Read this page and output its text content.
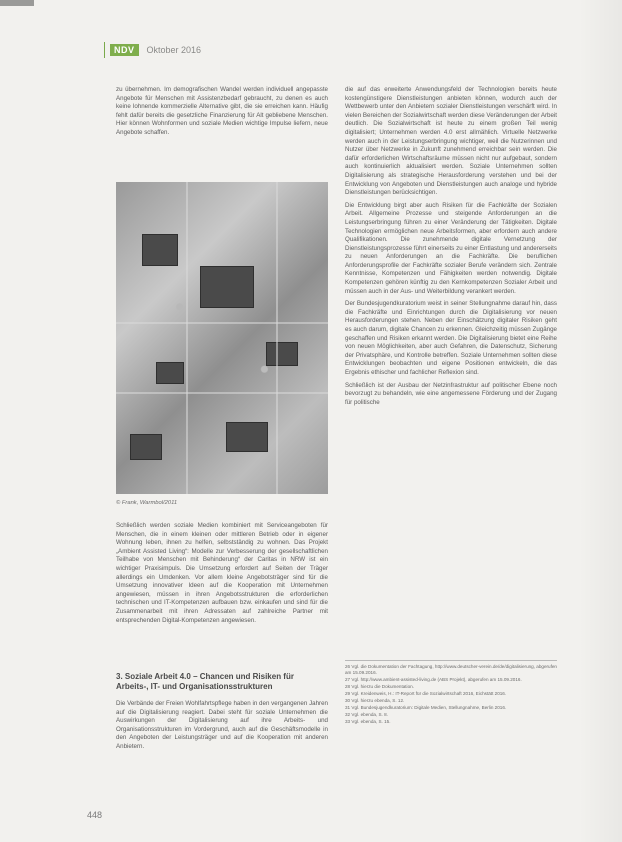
NDV	Oktober 2016

zu übernehmen. Im demografischen Wandel werden individuell angepasste Angebote für Menschen mit Assistenzbedarf gebraucht, zu denen es auch keine lohnende kommerzielle Alternative gibt, die sie erreichen kann. Häufig fehlt dafür bereits die gesetzliche Finanzierung für Alt gebliebene Menschen. Hier können Wohnformen und soziale Medien wichtige Impulse liefern, neue Angebote schaffen.

© Frank, Warmbol/2011

Schließlich werden soziale Medien kombiniert mit Serviceangeboten für Menschen, die in einem kleinen oder mittleren Betrieb oder in eigener Wohnung leben, ihnen zu helfen, selbstständig zu wohnen. Das Projekt „Ambient Assisted Living“: Modelle zur Verbesserung der gesellschaftlichen Teilhabe von Menschen mit Behinderung“ der Caritas in NRW ist ein wichtiger Praxisimpuls. Die Umsetzung erfordert auf Seiten der Träger allerdings ein Umdenken. Vor allem kleine Angebotsträger sind für die Umsetzung innovativer Ideen auf die Kooperation mit Unternehmen angewiesen, müssen in ihren Angebotsstrukturen die erforderlichen technischen und IT-Kompetenzen aufbauen bzw. einkaufen und sind für die Zusammenarbeit mit ihren Adressaten auf zahlreiche Partner mit entsprechenden Digital-Kompetenzen angewiesen.

3. Soziale Arbeit 4.0 – Chancen und Risiken für Arbeits-, IT- und Organisationsstrukturen

Die Verbände der Freien Wohlfahrtspflege haben in den vergangenen Jahren auf die Digitalisierung reagiert. Dabei steht für soziale Unternehmen die Auswirkungen der Digitalisierung auf ihre Arbeits- und Organisationsstrukturen im Vordergrund, auch auf die Geschäftsmodelle in den Angeboten der Leistungsträger und auf die Kooperation mit anderen Anbietern.

die auf das erweiterte Anwendungsfeld der Technologien bereits heute kostengünstigere Dienstleistungen anbieten können, wodurch auch der Wettbewerb unter den Anbietern sozialer Dienstleistungen verschärft wird. In vielen Bereichen der Sozialwirtschaft werden diese Veränderungen der Arbeit deutlich. Die Sozialwirtschaft ist heute zu einem großen Teil wenig digitalisiert; Unternehmen werden 4.0 erst allmählich. Virtuelle Netzwerke werden auch in der Leistungserbringung wichtiger, weil die Nutzerinnen und Nutzer über Netzwerke in Zukunft zunehmend erreichbar sein werden. Die dafür erforderlichen Wirtschaftsräume müssen nicht nur aufgebaut, sondern auch kontinuierlich aktualisiert werden. Soziale Unternehmen sollten Digitalisierung als strategische Herausforderung verstehen und bei der Entwicklung von Angeboten und Dienstleistungen auch analoge und hybride Dienstleistungen berücksichtigen.

Die Entwicklung birgt aber auch Risiken für die Fachkräfte der Sozialen Arbeit. Allgemeine Prozesse und steigende Anforderungen an die Leistungserbringung führen zu einer Veränderung der Tätigkeiten. Digitale Technologien ermöglichen neue Arbeitsformen, aber erfordern auch andere Qualifikationen. Die zunehmende digitale Vernetzung der Dienstleistungsprozesse führt einerseits zu einer Entlastung und andererseits zu neuen Anforderungen an die Fachkräfte. Die beruflichen Anforderungsprofile der Fachkräfte sozialer Berufe verändern sich. Zentrale Kenntnisse, Kompetenzen und Fähigkeiten werden notwendig. Digitale Kompetenzen gehören künftig zu den Kernkompetenzen Sozialer Arbeit und müssen auch in der Aus- und Weiterbildung verankert werden.

Der Bundesjugendkuratorium weist in seiner Stellungnahme darauf hin, dass die Fachkräfte und Einrichtungen durch die Digitalisierung vor neuen Herausforderungen stehen. Neben der Einschätzung digitaler Risiken geht es auch darum, digitale Chancen zu erkennen. Gleichzeitig müssen Zugänge geschaffen und Risiken erkannt werden. Die Digitalisierung bietet eine Reihe von neuen Möglichkeiten, aber auch Gefahren, die Datenschutz, Sicherung der Privatsphäre, und Kontrolle betreffen. Soziale Unternehmen sollten diese Entwicklungen beobachten und eigene Positionen entwickeln, die das Ergebnis ethischer und fachlicher Reflexion sind.

Schließlich ist der Ausbau der Netzinfrastruktur auf politischer Ebene noch bevorzugt zu behandeln, wie eine angemessene Förderung und der Zugang für politische

26 Vgl. die Dokumentation der Fachtagung, http://www.deutscher-verein.de/de/digitalisierung, abgerufen am 15.09.2016.
27 Vgl. http://www.ambient-assisted-living.de (ABS Projekt), abgerufen am 15.09.2016.
28 Vgl. hierzu die Dokumentation.
29 Vgl. Kreidenweis, H.: IT-Report für die Sozialwirtschaft 2016, Eichstätt 2016.
30 Vgl. hierzu ebenda, S. 12.
31 Vgl. Bundesjugendkuratorium: Digitale Medien, Stellungnahme, Berlin 2016.
32 Vgl. ebenda, S. 8.
33 Vgl. ebenda, S. 15.
448
